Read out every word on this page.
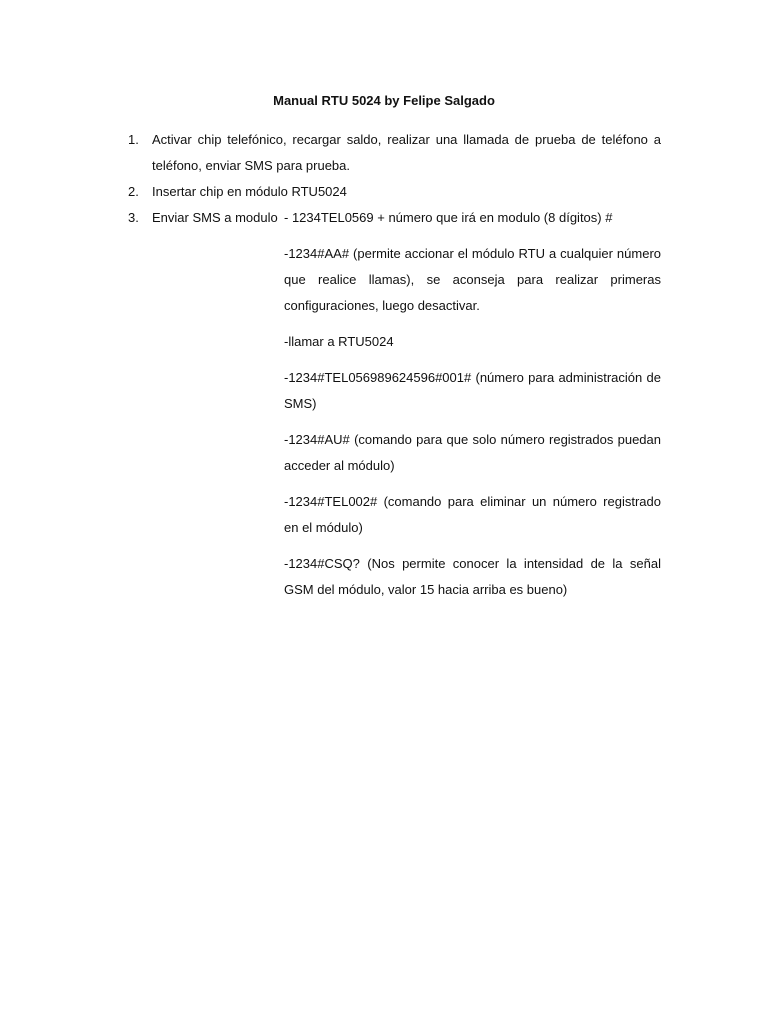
Manual RTU 5024 by Felipe Salgado
1.	Activar chip telefónico, recargar saldo, realizar una llamada de prueba de teléfono a teléfono, enviar SMS para prueba.
2.	Insertar chip en módulo RTU5024
3.	Enviar SMS a modulo - 1234TEL0569 + número que irá en modulo (8 dígitos) #

-1234#AA# (permite accionar el módulo RTU a cualquier número que realice llamas), se aconseja para realizar primeras configuraciones, luego desactivar.

-llamar a RTU5024

-1234#TEL056989624596#001# (número para administración de SMS)

-1234#AU# (comando para que solo número registrados puedan acceder al módulo)

-1234#TEL002# (comando para eliminar un número registrado en el módulo)

-1234#CSQ? (Nos permite conocer la intensidad de la señal GSM del módulo, valor 15 hacia arriba es bueno)
